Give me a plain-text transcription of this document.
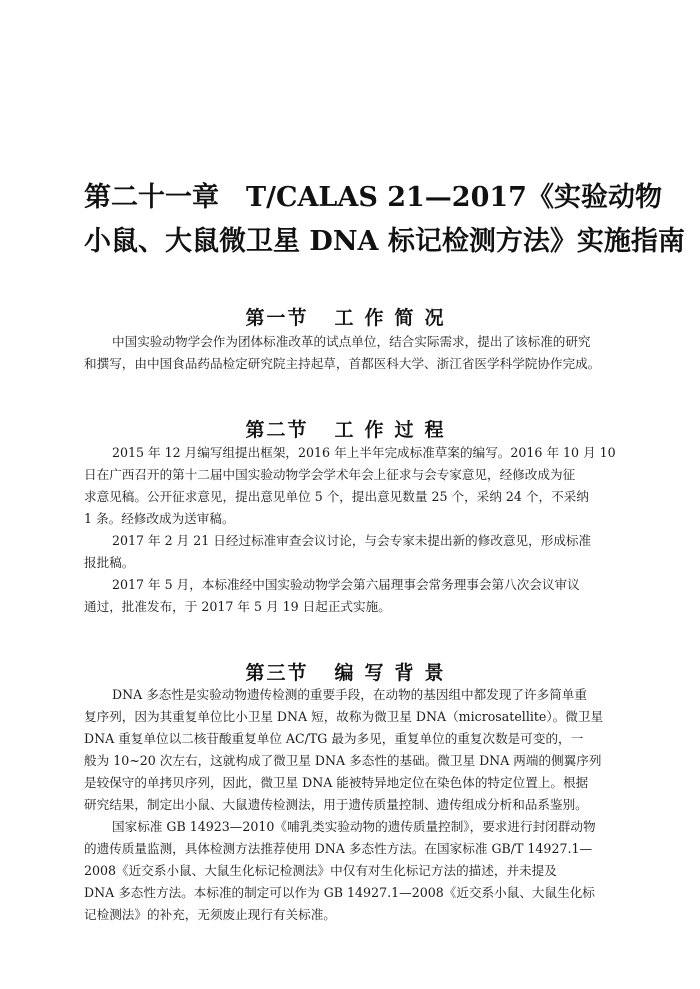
第二十一章　T/CALAS 21—2017《实验动物
小鼠、大鼠微卫星 DNA 标记检测方法》实施指南
第一节 工作简况

中国实验动物学会作为团体标准改革的试点单位，结合实际需求，提出了该标准的研究
和撰写，由中国食品药品检定研究院主持起草，首都医科大学、浙江省医学科学院协作完成。

第二节 工作过程

2015 年 12 月编写组提出框架，2016 年上半年完成标准草案的编写。2016 年 10 月 10
日在广西召开的第十二届中国实验动物学会学术年会上征求与会专家意见，经修改成为征
求意见稿。公开征求意见，提出意见单位 5 个，提出意见数量 25 个，采纳 24 个，不采纳
1 条。经修改成为送审稿。

2017 年 2 月 21 日经过标准审查会议讨论，与会专家未提出新的修改意见，形成标准
报批稿。

2017 年 5 月，本标准经中国实验动物学会第六届理事会常务理事会第八次会议审议
通过，批准发布，于 2017 年 5 月 19 日起正式实施。

第三节 编写背景

DNA 多态性是实验动物遗传检测的重要手段，在动物的基因组中都发现了许多简单重
复序列，因为其重复单位比小卫星 DNA 短，故称为微卫星 DNA（microsatellite）。微卫星
DNA 重复单位以二核苷酸重复单位 AC/TG 最为多见，重复单位的重复次数是可变的，一
般为 10~20 次左右，这就构成了微卫星 DNA 多态性的基础。微卫星 DNA 两端的侧翼序列
是较保守的单拷贝序列，因此，微卫星 DNA 能被特异地定位在染色体的特定位置上。根据
研究结果，制定出小鼠、大鼠遗传检测法，用于遗传质量控制、遗传组成分析和品系鉴别。

国家标准 GB 14923—2010《哺乳类实验动物的遗传质量控制》，要求进行封闭群动物
的遗传质量监测，具体检测方法推荐使用 DNA 多态性方法。在国家标准 GB/T 14927.1—
2008《近交系小鼠、大鼠生化标记检测法》中仅有对生化标记方法的描述，并未提及
DNA 多态性方法。本标准的制定可以作为 GB 14927.1—2008《近交系小鼠、大鼠生化标
记检测法》的补充，无须废止现行有关标准。
